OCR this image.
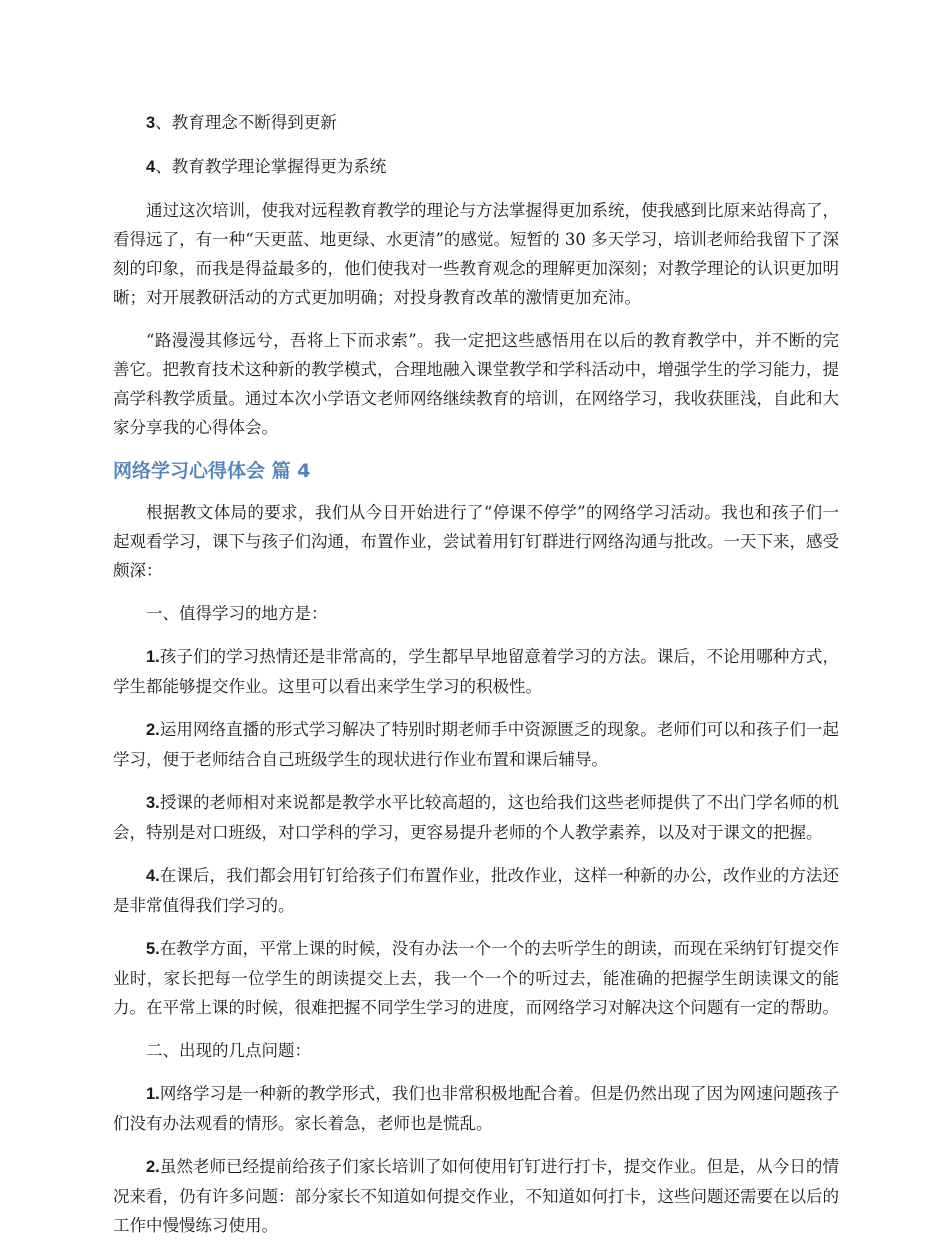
3、教育理念不断得到更新

4、教育教学理论掌握得更为系统

通过这次培训，使我对远程教育教学的理论与方法掌握得更加系统，使我感到比原来站得高了，看得远了，有一种“天更蓝、地更绿、水更清”的感觉。短暂的 30 多天学习，培训老师给我留下了深刻的印象，而我是得益最多的，他们使我对一些教育观念的理解更加深刻；对教学理论的认识更加明晰；对开展教研活动的方式更加明确；对投身教育改革的激情更加充沛。

“路漫漫其修远兮，吾将上下而求索”。我一定把这些感悟用在以后的教育教学中，并不断的完善它。把教育技术这种新的教学模式，合理地融入课堂教学和学科活动中，增强学生的学习能力，提高学科教学质量。通过本次小学语文老师网络继续教育的培训，在网络学习，我收获匪浅，自此和大家分享我的心得体会。

网络学习心得体会 篇 4

根据教文体局的要求，我们从今日开始进行了“停课不停学”的网络学习活动。我也和孩子们一起观看学习，课下与孩子们沟通，布置作业，尝试着用钉钉群进行网络沟通与批改。一天下来，感受颇深：

一、值得学习的地方是：

1.孩子们的学习热情还是非常高的，学生都早早地留意着学习的方法。课后，不论用哪种方式，学生都能够提交作业。这里可以看出来学生学习的积极性。

2.运用网络直播的形式学习解决了特别时期老师手中资源匮乏的现象。老师们可以和孩子们一起学习，便于老师结合自己班级学生的现状进行作业布置和课后辅导。

3.授课的老师相对来说都是教学水平比较高超的，这也给我们这些老师提供了不出门学名师的机会，特别是对口班级，对口学科的学习，更容易提升老师的个人教学素养，以及对于课文的把握。

4.在课后，我们都会用钉钉给孩子们布置作业，批改作业，这样一种新的办公，改作业的方法还是非常值得我们学习的。

5.在教学方面，平常上课的时候，没有办法一个一个的去听学生的朗读，而现在采纳钉钉提交作业时，家长把每一位学生的朗读提交上去，我一个一个的听过去，能准确的把握学生朗读课文的能力。在平常上课的时候，很难把握不同学生学习的进度，而网络学习对解决这个问题有一定的帮助。

二、出现的几点问题：

1.网络学习是一种新的教学形式，我们也非常积极地配合着。但是仍然出现了因为网速问题孩子们没有办法观看的情形。家长着急，老师也是慌乱。

2.虽然老师已经提前给孩子们家长培训了如何使用钉钉进行打卡，提交作业。但是，从今日的情况来看，仍有许多问题：部分家长不知道如何提交作业，不知道如何打卡，这些问题还需要在以后的工作中慢慢练习使用。
